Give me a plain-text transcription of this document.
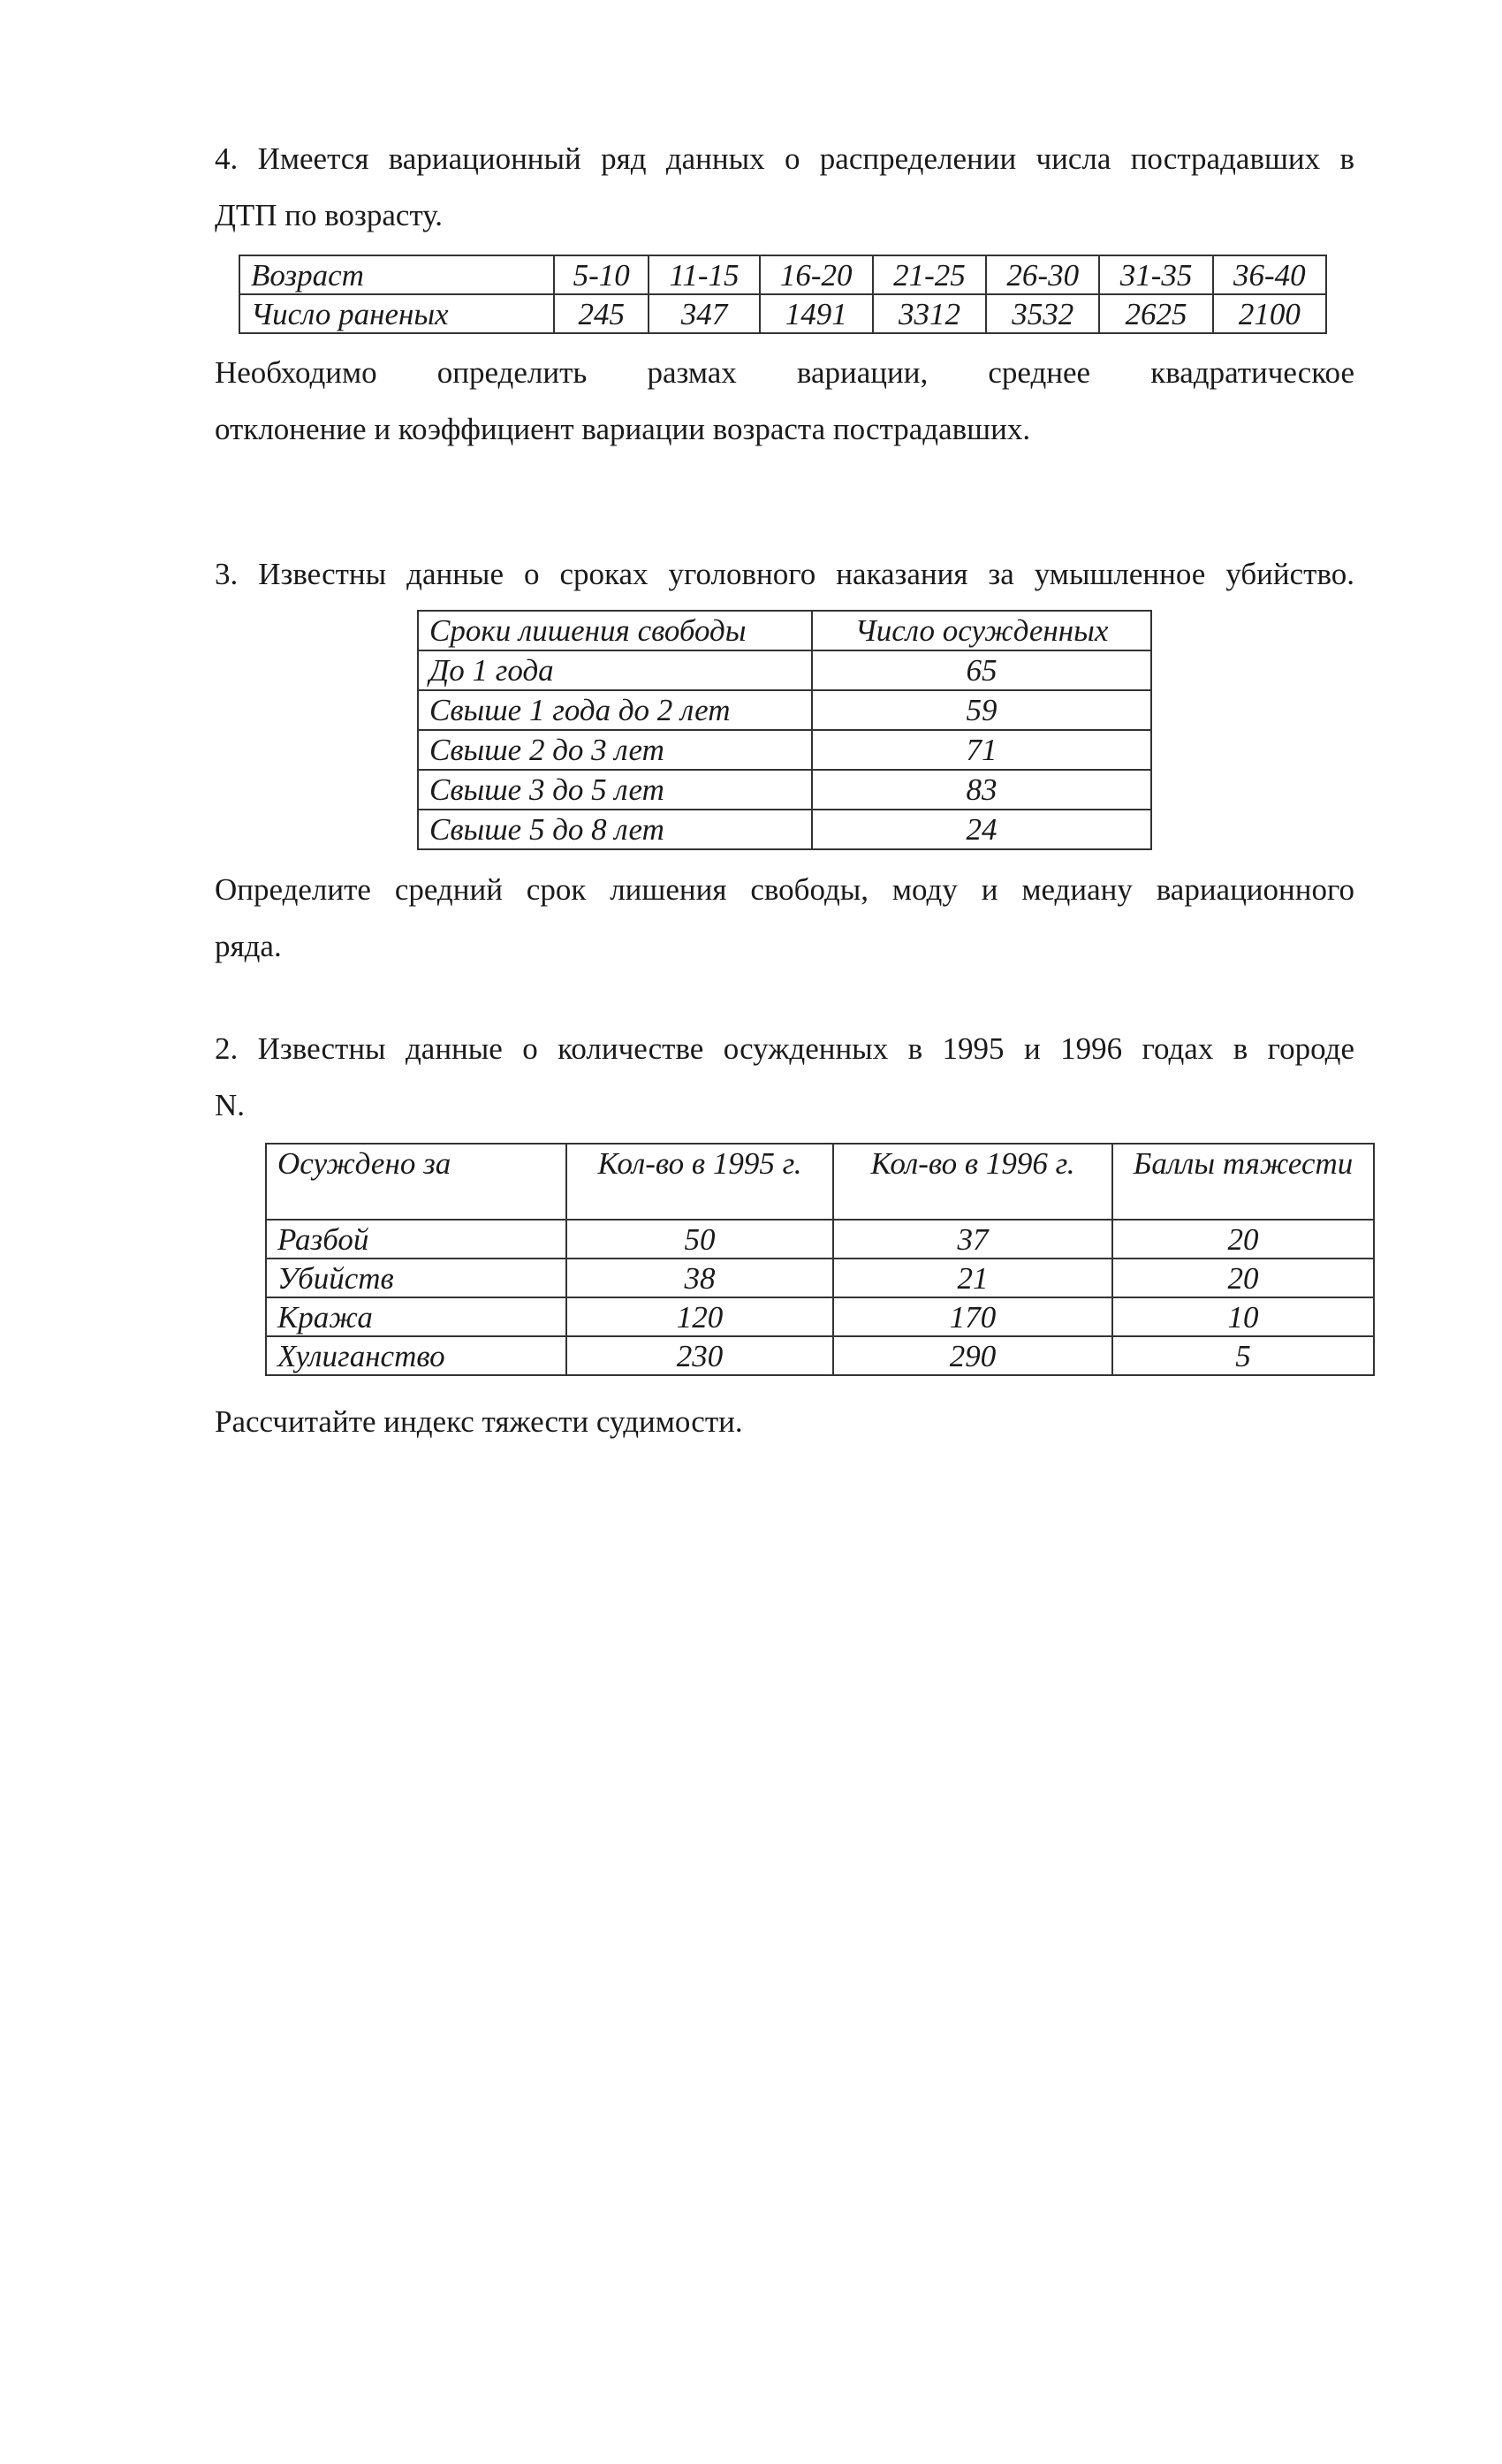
4. Имеется вариационный ряд данных о распределении числа пострадавших в

ДТП по возрасту.

Возраст	5-10	11-15	16-20	21-25	26-30	31-35	36-40
Число раненых	245	347	1491	3312	3532	2625	2100

Необходимо определить размах вариации, среднее квадратическое

отклонение и коэффициент вариации возраста пострадавших.

3. Известны данные о сроках уголовного наказания за умышленное убийство.

Сроки лишения свободы	Число осужденных
До 1 года	65
Свыше 1 года до 2 лет	59
Свыше 2 до 3 лет	71
Свыше 3 до 5 лет	83
Свыше 5 до 8 лет	24

Определите средний срок лишения свободы, моду и медиану вариационного

ряда.

2. Известны данные о количестве осужденных в 1995 и 1996 годах в городе

N.

Осуждено за	Кол-во в 1995 г.	Кол-во в 1996 г.	Баллы тяжести
Разбой	50	37	20
Убийств	38	21	20
Кража	120	170	10
Хулиганство	230	290	5

Рассчитайте индекс тяжести судимости.
